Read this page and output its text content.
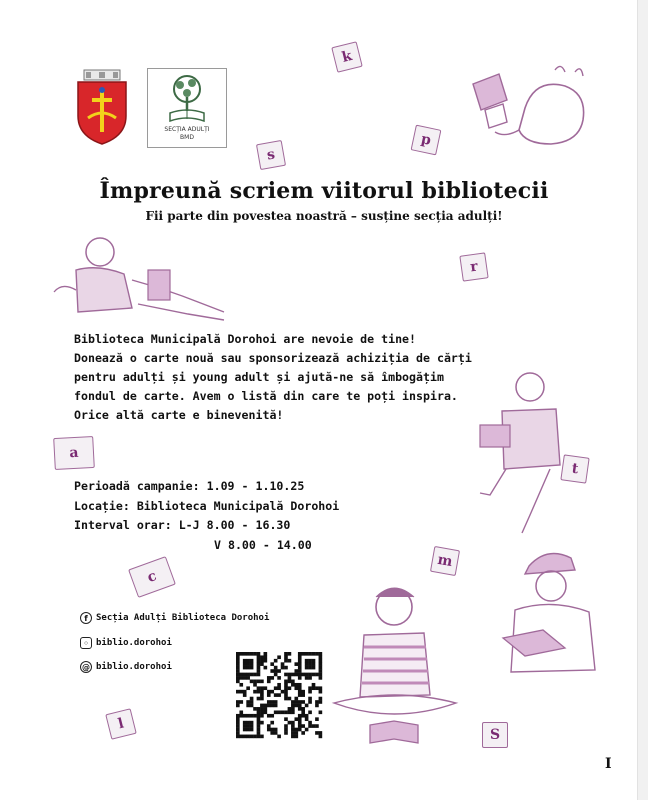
SECȚIA ADULȚI
BMD
k
s
p
r
a
t
c
m
l
S
Împreună scriem viitorul bibliotecii
Fii parte din povestea noastră – susține secția adulți!
Biblioteca Municipală Dorohoi are nevoie de tine!
Donează o carte nouă sau sponsorizează achiziția de cărți
pentru adulți și young adult și ajută-ne să îmbogățim
fondul de carte. Avem o listă din care te poți inspira.
Orice altă carte e binevenită!
Perioadă campanie: 1.09 - 1.10.25
Locație: Biblioteca Municipală Dorohoi
Interval orar: L-J 8.00 - 16.30
V 8.00 - 14.00
f Secția Adulți Biblioteca Dorohoi
◦ biblio.dorohoi
@ biblio.dorohoi
I
